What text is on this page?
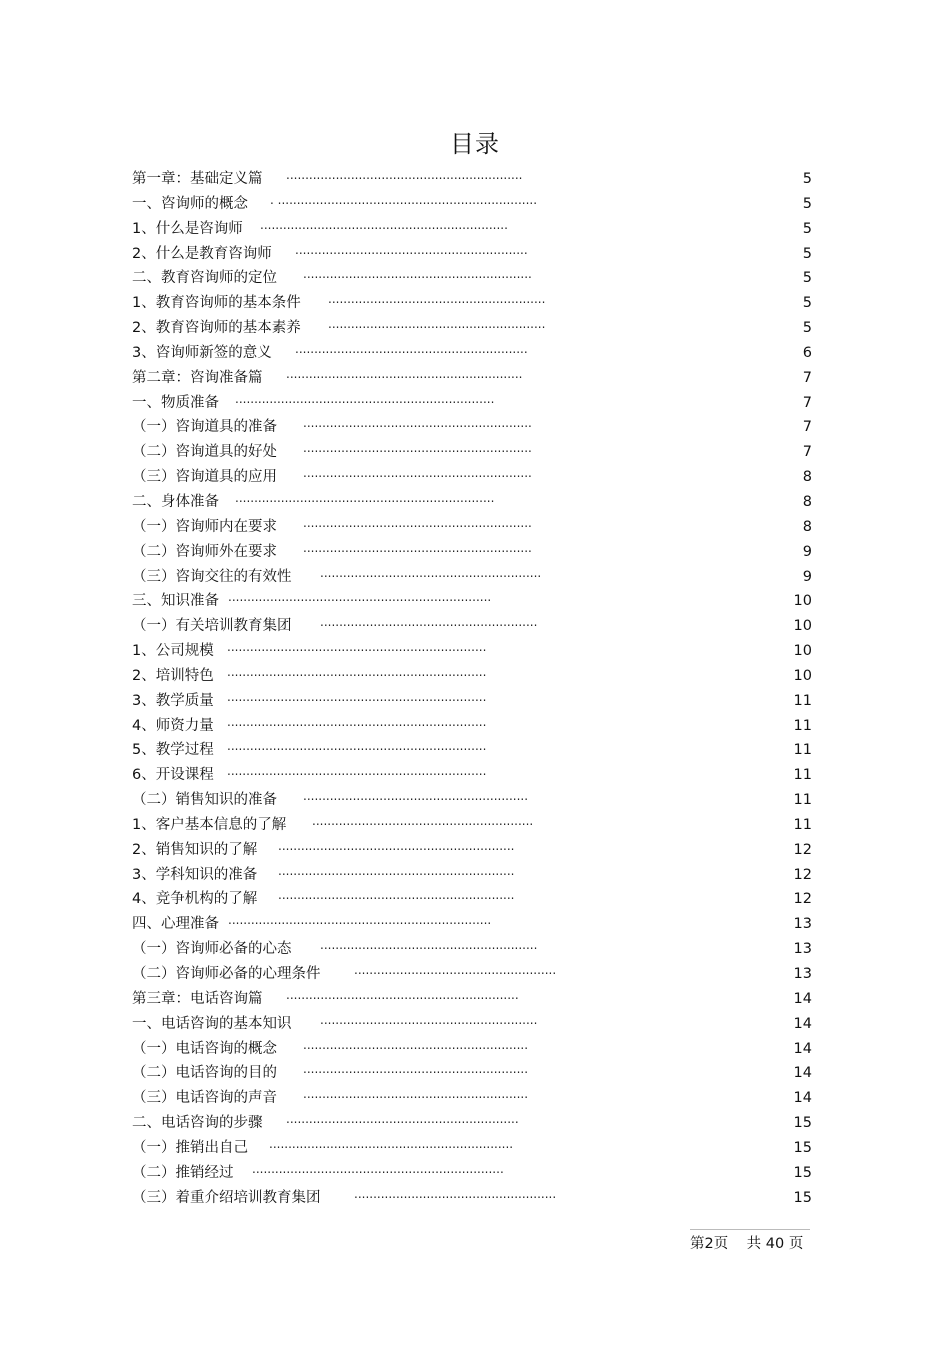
目录
第一章：基础定义篇 ..............................................................	5
一、咨询师的概念 . ....................................................................	5
1、什么是咨询师 .................................................................	5
2、什么是教育咨询师 .............................................................	5
二、教育咨询师的定位 ............................................................	5
1、教育咨询师的基本条件 .........................................................	5
2、教育咨询师的基本素养 .........................................................	5
3、咨询师新签的意义 .............................................................	6
第二章：咨询准备篇 ..............................................................	7
一、物质准备 ....................................................................	7
（一）咨询道具的准备 ............................................................	7
（二）咨询道具的好处 ............................................................	7
（三）咨询道具的应用 ............................................................	8
二、身体准备 ....................................................................	8
（一）咨询师内在要求 ............................................................	8
（二）咨询师外在要求 ............................................................	9
（三）咨询交往的有效性 ..........................................................	9
三、知识准备 .....................................................................	10
（一）有关培训教育集团 .........................................................	10
1、公司规模 ....................................................................	10
2、培训特色 ....................................................................	10
3、教学质量 ....................................................................	11
4、师资力量 ....................................................................	11
5、教学过程 ....................................................................	11
6、开设课程 ....................................................................	11
（二）销售知识的准备 ...........................................................	11
1、客户基本信息的了解 ..........................................................	11
2、销售知识的了解 ..............................................................	12
3、学科知识的准备 ..............................................................	12
4、竞争机构的了解 ..............................................................	12
四、心理准备 .....................................................................	13
（一）咨询师必备的心态 .........................................................	13
（二）咨询师必备的心理条件	.....................................................	13
第三章：电话咨询篇 .............................................................	14
一、电话咨询的基本知识 .........................................................	14
（一）电话咨询的概念 ...........................................................	14
（二）电话咨询的目的 ...........................................................	14
（三）电话咨询的声音 ...........................................................	14
二、电话咨询的步骤 .............................................................	15
（一）推销出自己 ................................................................	15
（二）推销经过 ..................................................................	15
（三）着重介绍培训教育集团	.....................................................	15
第2页 共 40 页
